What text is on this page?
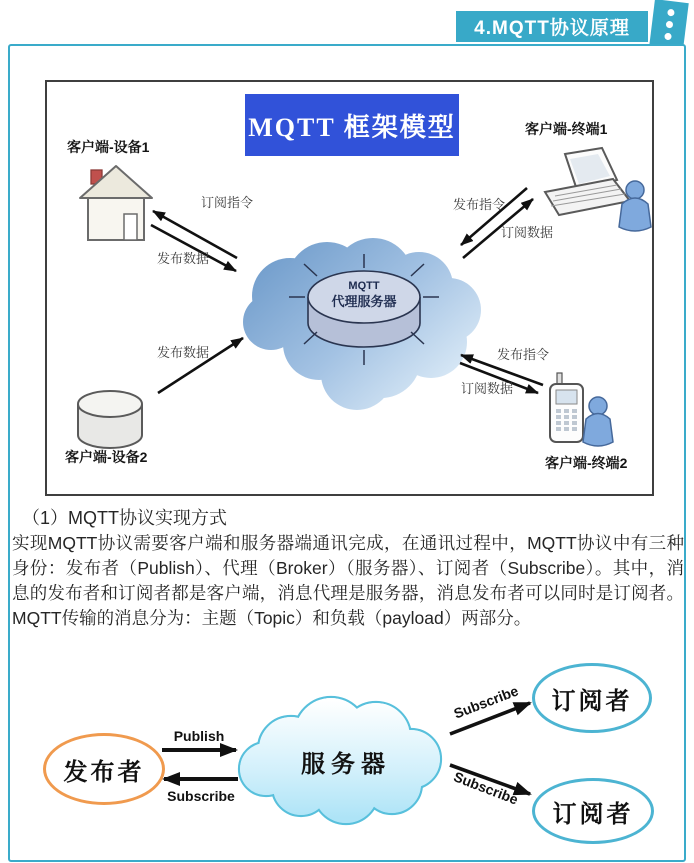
4.MQTT协议原理
MQTT 框架模型
MQTT
代理服务器
客户端-设备1
客户端-终端1
客户端-设备2	客户端-终端2
订阅指令
发布数据
发布指令
订阅数据
发布数据	发布指令
订阅数据
（1）MQTT协议实现方式
实现MQTT协议需要客户端和服务器端通讯完成，在通讯过程中，MQTT协议中有三种身份：发布者（Publish）、代理（Broker）（服务器）、订阅者（Subscribe）。其中，消息的发布者和订阅者都是客户端，消息代理是服务器，消息发布者可以同时是订阅者。MQTT传输的消息分为：主题（Topic）和负载（payload）两部分。
发布者
Publish
Subscribe
服务器
Subscribe
Subscribe
订阅者
订阅者
